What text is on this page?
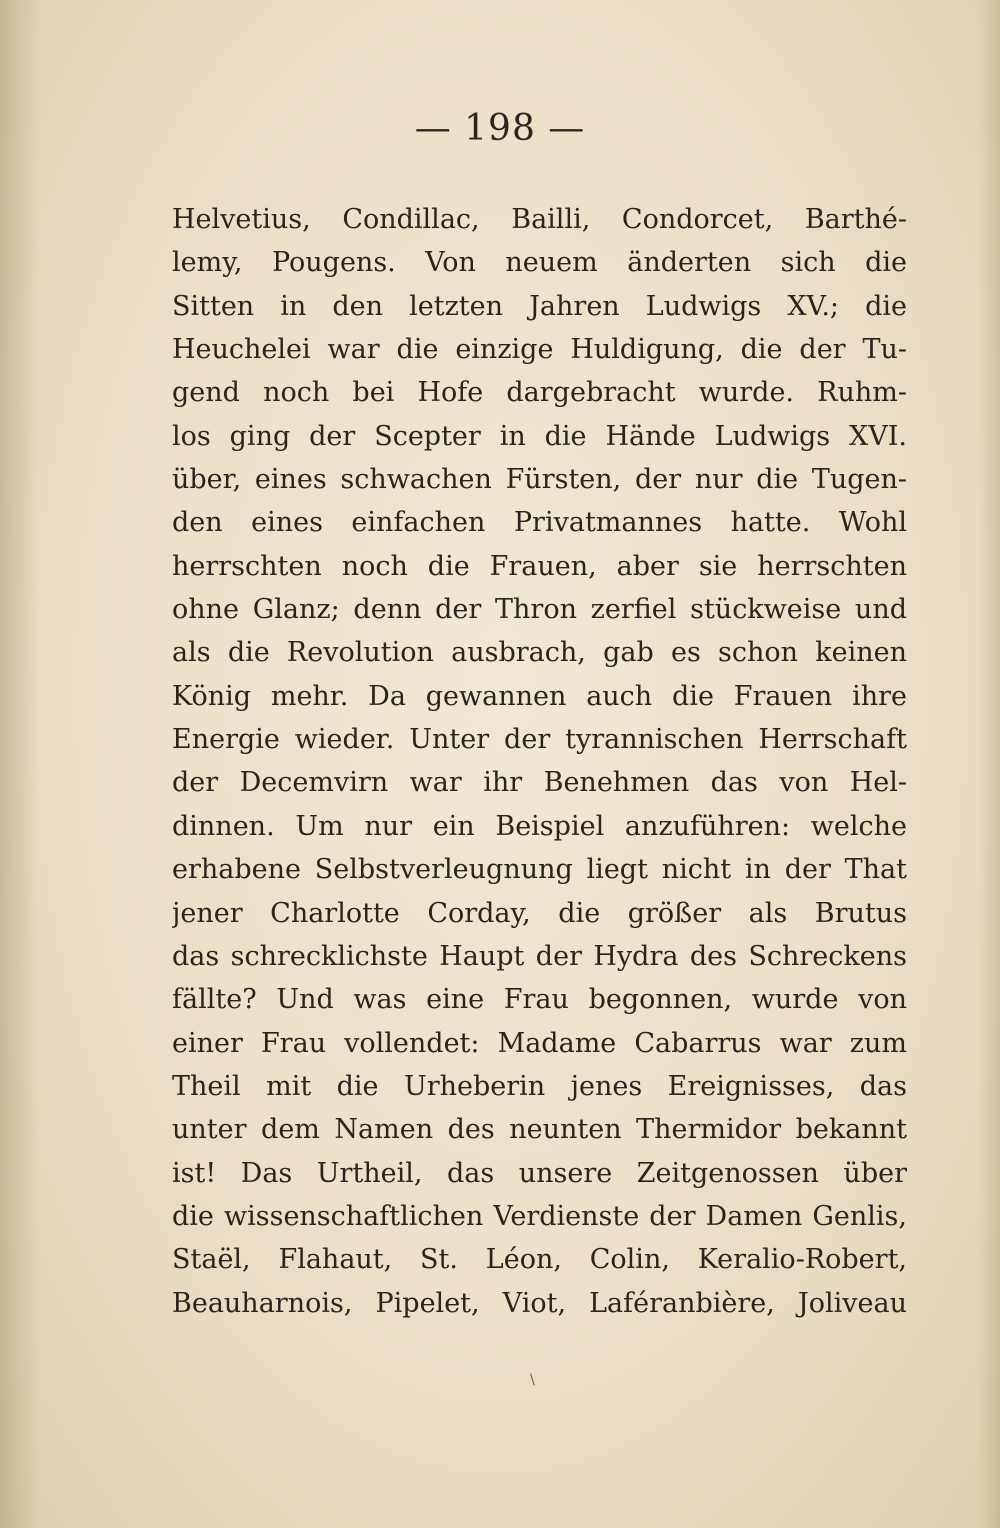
— 198 —
Helvetius, Condillac, Bailli, Condorcet, Barthé-
lemy, Pougens. Von neuem änderten sich die
Sitten in den letzten Jahren Ludwigs XV.; die
Heuchelei war die einzige Huldigung, die der Tu-
gend noch bei Hofe dargebracht wurde. Ruhm-
los ging der Scepter in die Hände Ludwigs XVI.
über, eines schwachen Fürsten, der nur die Tugen-
den eines einfachen Privatmannes hatte. Wohl
herrschten noch die Frauen, aber sie herrschten
ohne Glanz; denn der Thron zerfiel stückweise und
als die Revolution ausbrach, gab es schon keinen
König mehr. Da gewannen auch die Frauen ihre
Energie wieder. Unter der tyrannischen Herrschaft
der Decemvirn war ihr Benehmen das von Hel-
dinnen. Um nur ein Beispiel anzuführen: welche
erhabene Selbstverleugnung liegt nicht in der That
jener Charlotte Corday, die größer als Brutus
das schrecklichste Haupt der Hydra des Schreckens
fällte? Und was eine Frau begonnen, wurde von
einer Frau vollendet: Madame Cabarrus war zum
Theil mit die Urheberin jenes Ereignisses, das
unter dem Namen des neunten Thermidor bekannt
ist! Das Urtheil, das unsere Zeitgenossen über
die wissenschaftlichen Verdienste der Damen Genlis,
Staël, Flahaut, St. Léon, Colin, Keralio-Robert,
Beauharnois, Pipelet, Viot, Laféranbière, Joliveau
\
